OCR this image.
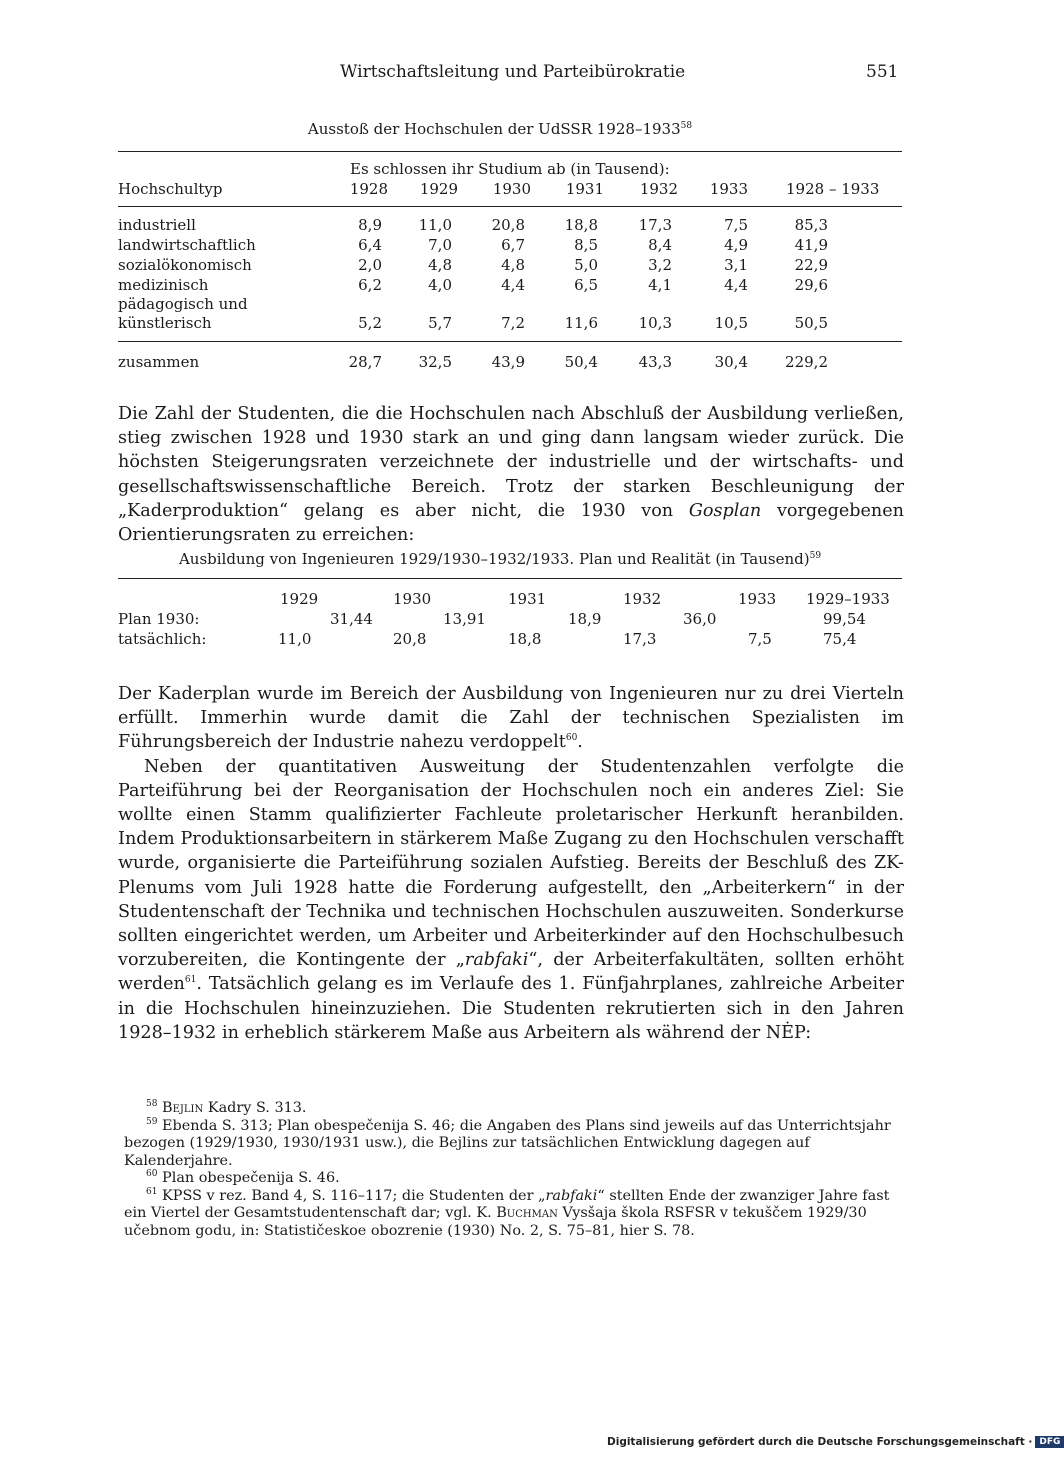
Wirtschaftsleitung und Parteibürokratie	551
Ausstoß der Hochschulen der UdSSR 1928–1933$^{58}$
Es schlossen ihr Studium ab (in Tausend):
Hochschultyp	1928	1929	1930	1931	1932	1933	1928 – 1933
industriell	8,9	11,0	20,8	18,8	17,3	7,5	85,3
landwirtschaftlich	6,4	7,0	6,7	8,5	8,4	4,9	41,9
sozialökonomisch	2,0	4,8	4,8	5,0	3,2	3,1	22,9
medizinisch	6,2	4,0	4,4	6,5	4,1	4,4	29,6
pädagogisch und
künstlerisch	5,2	5,7	7,2	11,6	10,3	10,5	50,5
zusammen	28,7	32,5	43,9	50,4	43,3	30,4	229,2

Die Zahl der Studenten, die die Hochschulen nach Abschluß der Ausbildung verließen, stieg zwischen 1928 und 1930 stark an und ging dann langsam wieder zurück. Die höchsten Steigerungsraten verzeichnete der industrielle und der wirtschafts- und gesellschaftswissenschaftliche Bereich. Trotz der starken Beschleunigung der „Kaderproduktion“ gelang es aber nicht, die 1930 von Gosplan vorgegebenen Orientierungsraten zu erreichen:

Ausbildung von Ingenieuren 1929/1930–1932/1933. Plan und Realität (in Tausend)$^{59}$
1929	1930	1931	1932	1933 1929–1933
Plan 1930:	31,44	13,91	18,9	36,0	99,54
tatsächlich:	11,0	20,8	18,8	17,3	7,5	75,4

Der Kaderplan wurde im Bereich der Ausbildung von Ingenieuren nur zu drei Vierteln erfüllt. Immerhin wurde damit die Zahl der technischen Spezialisten im Führungsbereich der Industrie nahezu verdoppelt$^{60}$.

Neben der quantitativen Ausweitung der Studentenzahlen verfolgte die Parteiführung bei der Reorganisation der Hochschulen noch ein anderes Ziel: Sie wollte einen Stamm qualifizierter Fachleute proletarischer Herkunft heranbilden. Indem Produktionsarbeitern in stärkerem Maße Zugang zu den Hochschulen verschafft wurde, organisierte die Parteiführung sozialen Aufstieg. Bereits der Beschluß des ZK-Plenums vom Juli 1928 hatte die Forderung aufgestellt, den „Arbeiterkern“ in der Studentenschaft der Technika und technischen Hochschulen auszuweiten. Sonderkurse sollten eingerichtet werden, um Arbeiter und Arbeiterkinder auf den Hochschulbesuch vorzubereiten, die Kontingente der „rabfaki“, der Arbeiterfakultäten, sollten erhöht werden$^{61}$. Tatsächlich gelang es im Verlaufe des 1. Fünfjahrplanes, zahlreiche Arbeiter in die Hochschulen hineinzuziehen. Die Studenten rekrutierten sich in den Jahren 1928–1932 in erheblich stärkerem Maße aus Arbeitern als während der NĖP:

$^{58}$ Bejlin Kadry S. 313.

$^{59}$ Ebenda S. 313; Plan obespečenija S. 46; die Angaben des Plans sind jeweils auf das Unterrichtsjahr bezogen (1929/1930, 1930/1931 usw.), die Bejlins zur tatsächlichen Entwicklung dagegen auf Kalenderjahre.

$^{60}$ Plan obespečenija S. 46.

$^{61}$ KPSS v rez. Band 4, S. 116–117; die Studenten der „rabfaki“ stellten Ende der zwanziger Jahre fast ein Viertel der Gesamtstudentenschaft dar; vgl. K. Buchman Vysšaja škola RSFSR v tekuščem 1929/30 učebnom godu, in: Statističeskoe obozrenie (1930) No. 2, S. 75–81, hier S. 78.

Digitalisierung gefördert durch die Deutsche Forschungsgemeinschaft · DFG
